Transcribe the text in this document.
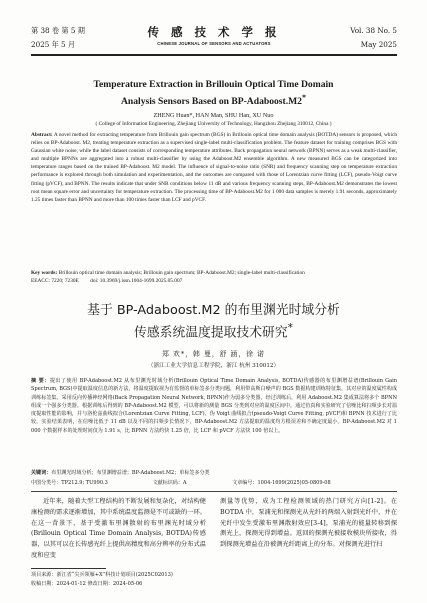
第 38 卷 第 5 期
2025 年 5 月
传 感 技 术 学 报
CHINESE JOURNAL OF SENSORS AND ACTUATORS
Vol. 38 No. 5
May 2025
Temperature Extraction in Brillouin Optical Time Domain
Analysis Sensors Based on BP-Adaboost.M2*
ZHENG Huan*, HAN Man, SHU Han, XU Nuo
( College of Information Engineering, Zhejiang University of Technology, Hangzhou Zhejiang 310012, China )
Abstract: A novel method for extracting temperature from Brillouin gain spectrum (BGS) in Brillouin optical time domain analysis (BOTDA) sensors is proposed, which relies on BP-Adaboost. M2, treating temperature extraction as a supervised single-label multi-classification problem. The feature dataset for training comprises BGS with Gaussian white noise, while the label dataset consists of corresponding temperature attributes. Back propagation neural network (BPNN) serves as a weak multi-classifier, and multiple BPNNs are aggregated into a robust multi-classifier by using the Adaboost.M2 ensemble algorithm. A new measured BGS can be categorized into temperature ranges based on the trained BP-Adaboost. M2 model. The influence of signal-to-noise ratio (SNR) and frequency scanning step on temperature extraction performance is explored through both simulation and experimentation, and the outcomes are compared with those of Lorentzian curve fitting (LCF), pseudo-Voigt curve fitting (pVCF), and BPNN. The results indicate that under SNR conditions below 11 dB and various frequency scanning steps, BP-Adaboost.M2 demonstrates the lowest root mean square error and uncertainty for temperature extraction. The processing time of BP-Adaboost.M2 for 1 000 data samples is merely 1.91 seconds, approximately 1.25 times faster than BPNN and more than 100 times faster than LCF and pVCF.
Key words: Brillouin optical time domain analysis; Brillouin gain spectrum; BP-Adaboost.M2; single-label multi-classification
EEACC: 7220; 7230E doi: 10.3969/j.issn.1004-1699.2025.05.007
基于 BP-Adaboost.M2 的布里渊光时域分析
传感系统温度提取技术研究*
郑 欢*，韩 曼，舒 涵，徐 诺
（浙江工业大学信息工程学院，浙江 杭州 310012）
摘 要：提出了使用 BP-Adaboost.M2 从布里渊光时域分析(Brillouin Optical Time Domain Analysis, BOTDA)传感器的布里渊增益谱(Brillouin Gain Spectrum, BGS)中提取温度信息的新方法，将温度提取视为有监督的单标签多分类问题，利用带高斯白噪声的 BGS 数据构建训练特征集，其对应的温度属性构成训练标签集。采用反向传播神经网络(Back Propagation Neural Network, BPNN)作为弱多分类器，经过训练后，利用 Adaboost.M2 集成算法将多个 BPNN 组成一个强多分类器。根据训练后得到的 BP-Adaboost.M2 模型，可以将新的测量 BGS 分类到对应的温度区间中。通过仿真和实验研究了信噪比和扫频步长对温度提取性能的影响，并与洛伦兹曲线拟合(Lorentzian Curve Fitting, LCF)、伪 Voigt 曲线拟合(pseudo-Voigt Curve Fitting, pVCF)和 BPNN 技术进行了比较。实验结果表明，在信噪比低于 11 dB 以及不同的扫频步长情况下，BP-Adaboost.M2 方法提取的温度均方根误差和不确定度最小。BP-Adaboost.M2 对 1 000 个数据样本的处理时间仅为 1.91 s，比 BPNN 方法约快 1.25 倍，比 LCF 和 pVCF 方法快 100 倍以上。
关键词：布里渊光时域分析；布里渊增益谱；BP-Adaboost.M2；单标签多分类
中图分类号：TP212.9; TU990.3	文献标识码：A	文章编号：1004-1699(2025)05-0809-08

近年来，随着大型工程结构的不断发展和复杂化，对结构健康检测的需求逐渐增加，其中系统温度监测是不可或缺的一环。在这一背景下，基于受激布里渊散射的布里渊光时域分析(Brillouin Optical Time Domain Analysis, BOTDA)传感器，以其可以在长传感光纤上提供高精度和高分辨率的分布式温度和应变

测量等优势，成为工程检测领域的热门研究方向[1-2]。在 BOTDA 中，泵浦光和探测光从光纤的两端入射到光纤中，并在光纤中发生受激布里渊散射效应[3-4]，泵浦光的能量转移到探测光上，探测光得到增益。返回的探测光被接收模块所接收，得到探测光增益在沿被测光纤距离上的分布。对探测光进行扫

项目来源：浙江省“尖兵领雁+X”科技计划项目(2025C02013)
收稿日期：2024-01-12 修改日期：2024-05-06
